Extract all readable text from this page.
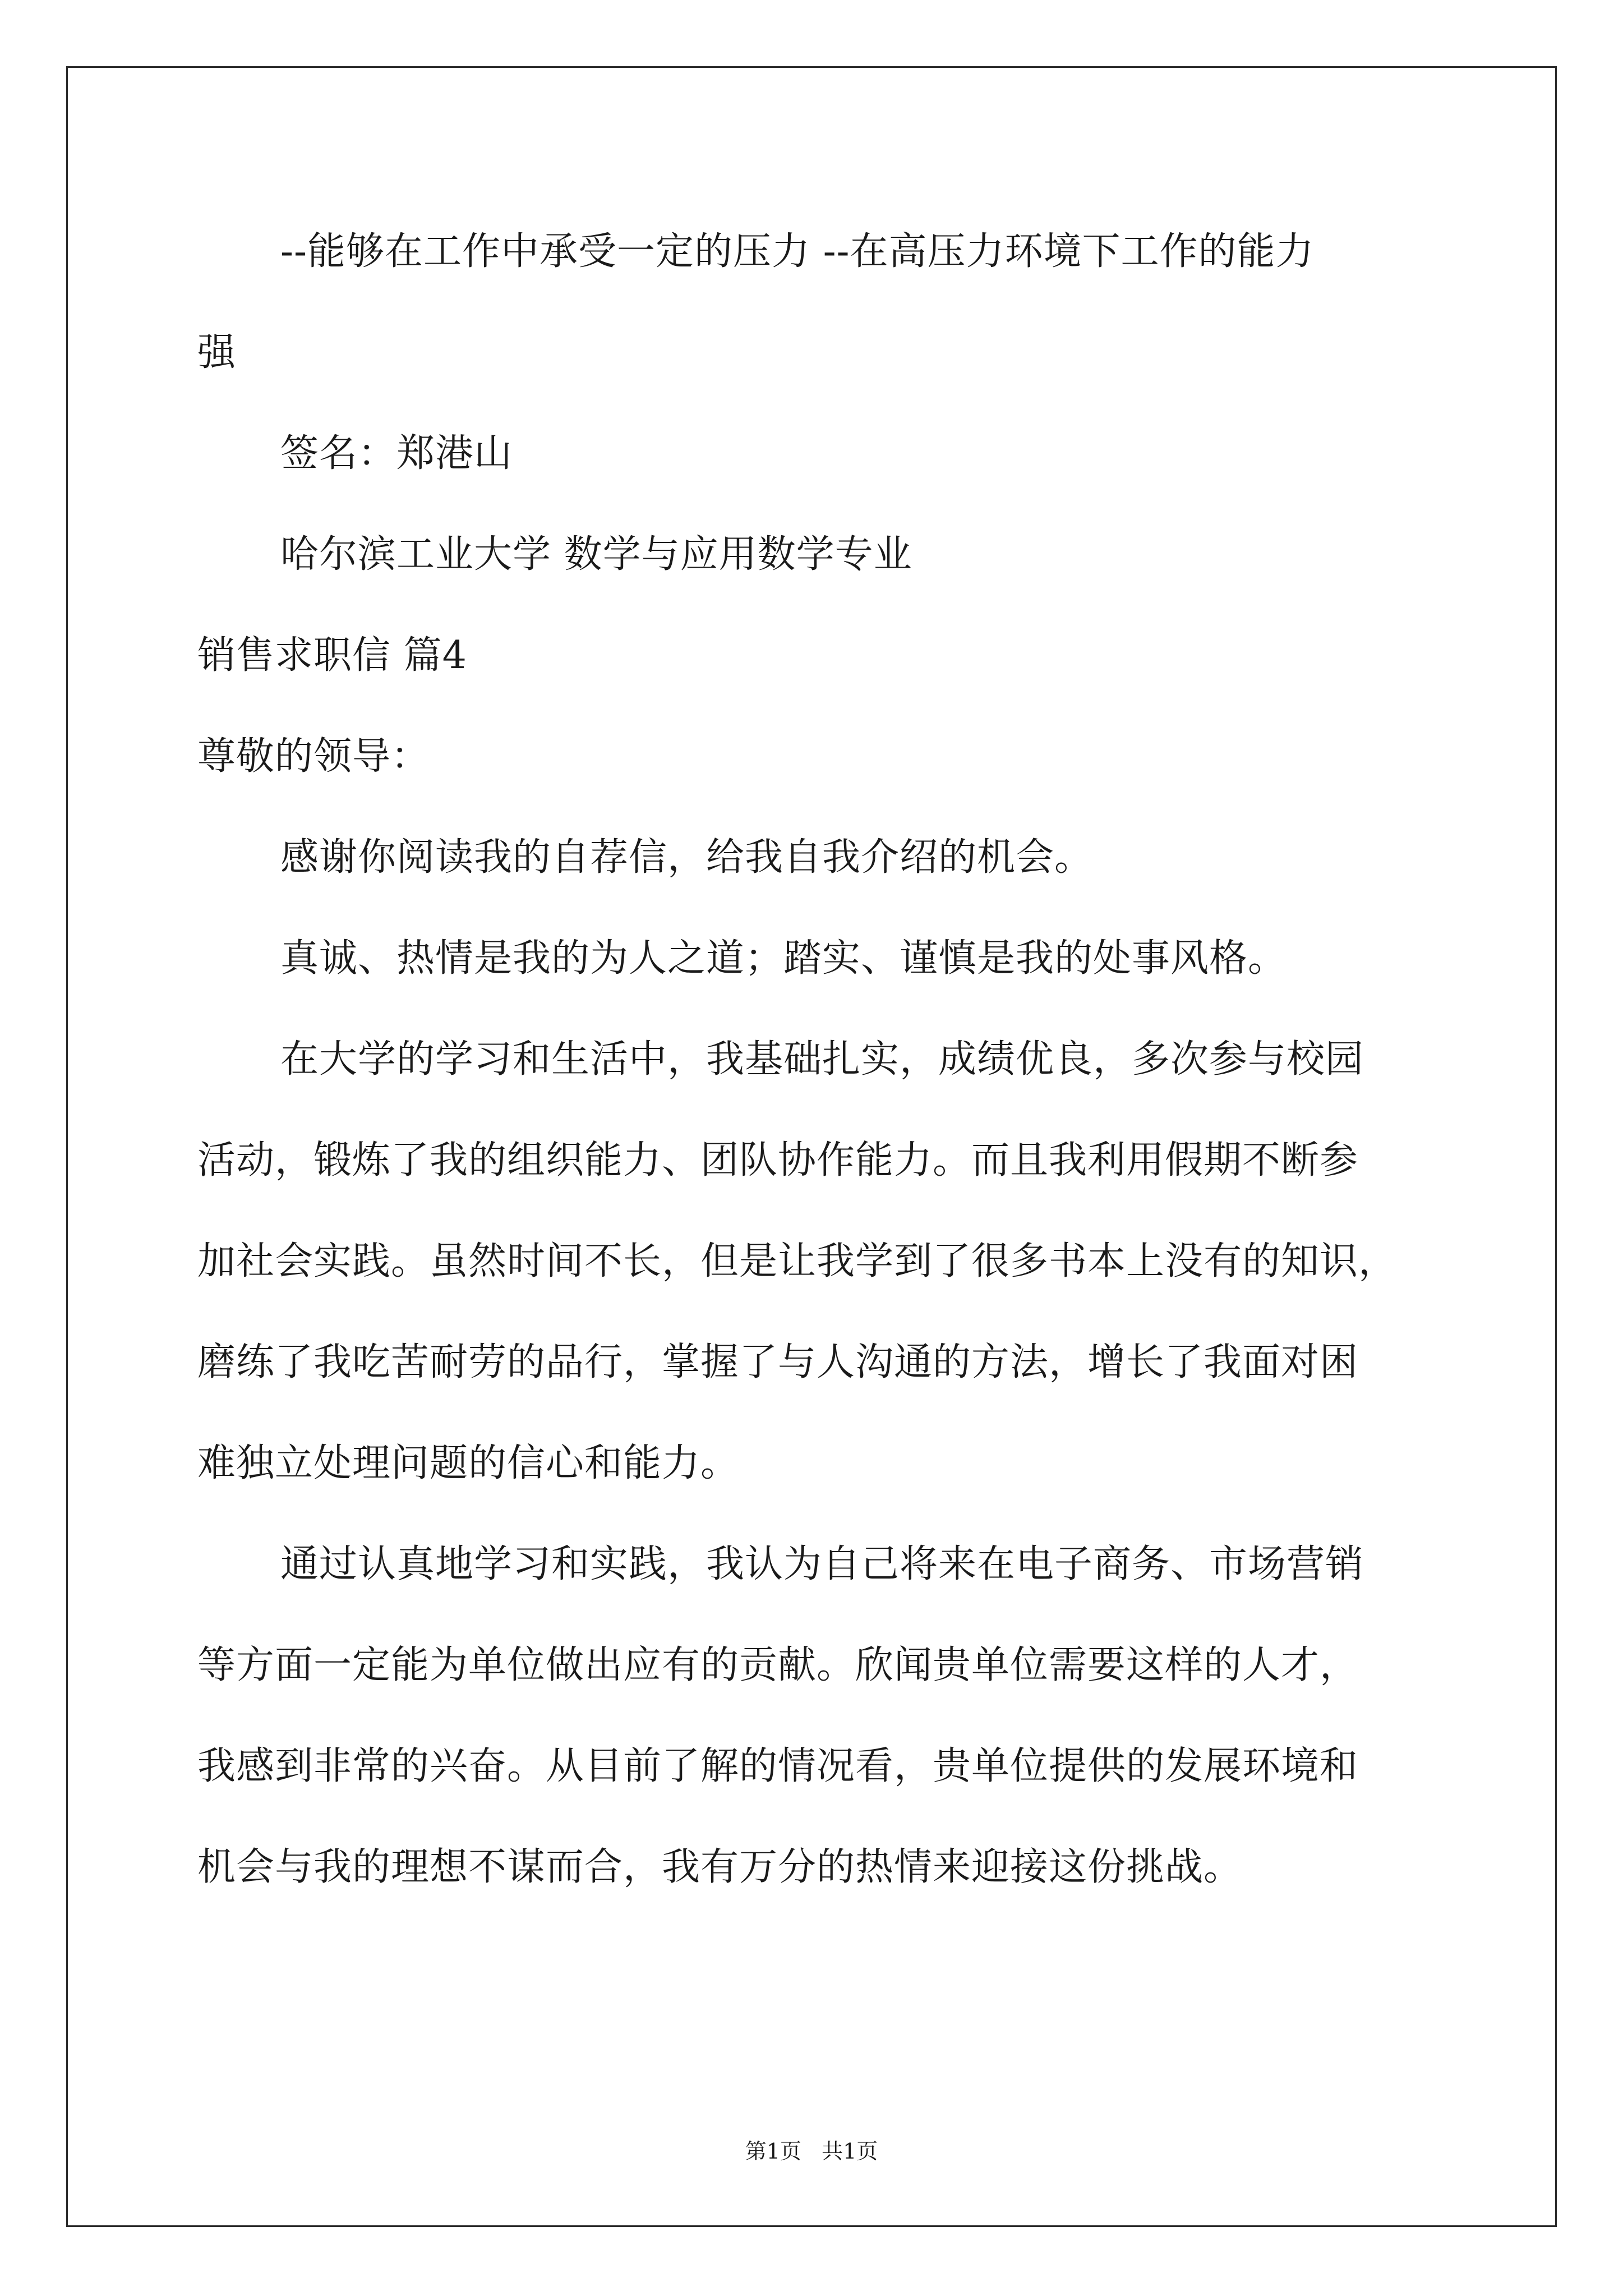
--能够在工作中承受一定的压力 --在高压力环境下工作的能力
强
签名：郑港山
哈尔滨工业大学 数学与应用数学专业
销售求职信 篇4
尊敬的领导：
感谢你阅读我的自荐信，给我自我介绍的机会。
真诚、热情是我的为人之道；踏实、谨慎是我的处事风格。
在大学的学习和生活中，我基础扎实，成绩优良，多次参与校园
活动，锻炼了我的组织能力、团队协作能力。而且我利用假期不断参
加社会实践。虽然时间不长，但是让我学到了很多书本上没有的知识，
磨练了我吃苦耐劳的品行，掌握了与人沟通的方法，增长了我面对困
难独立处理问题的信心和能力。
通过认真地学习和实践，我认为自己将来在电子商务、市场营销
等方面一定能为单位做出应有的贡献。欣闻贵单位需要这样的人才，
我感到非常的兴奋。从目前了解的情况看，贵单位提供的发展环境和
机会与我的理想不谋而合，我有万分的热情来迎接这份挑战。
第1页   共1页
